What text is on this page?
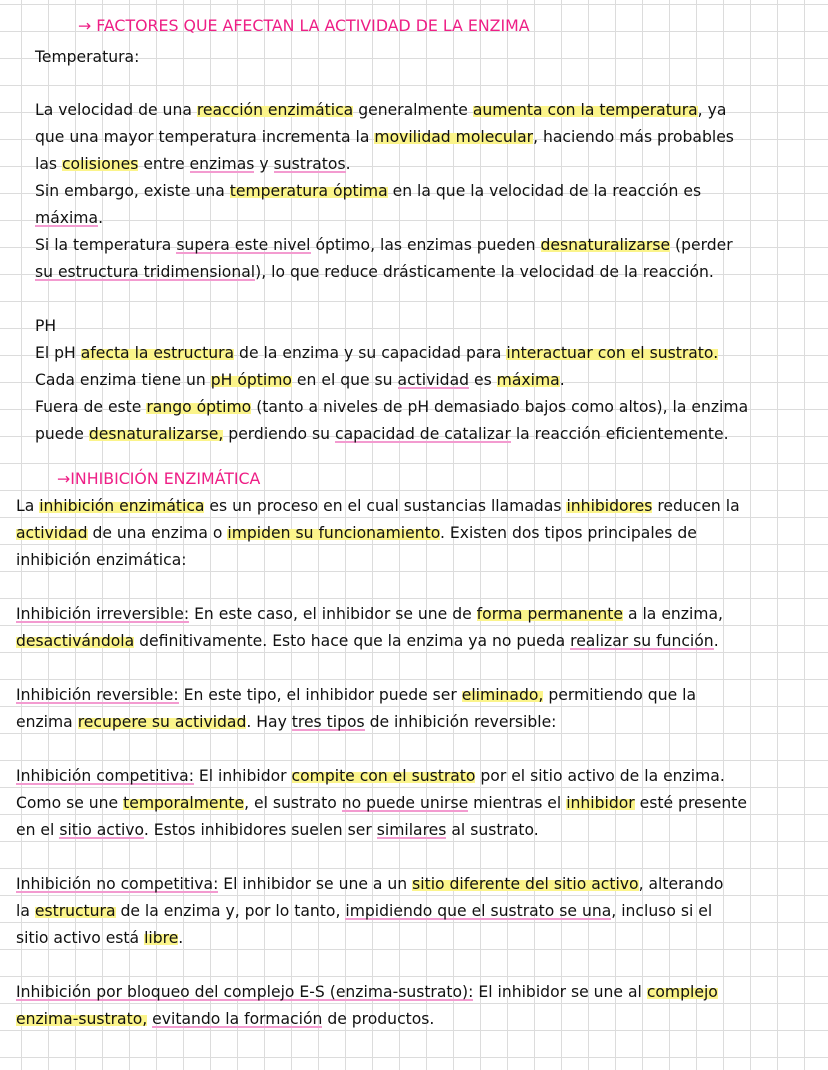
→ FACTORES QUE AFECTAN LA ACTIVIDAD DE LA ENZIMA
Temperatura:
La velocidad de una reacción enzimática generalmente aumenta con la temperatura, ya
que una mayor temperatura incrementa la movilidad molecular, haciendo más probables
las colisiones entre enzimas y sustratos.
Sin embargo, existe una temperatura óptima en la que la velocidad de la reacción es
máxima.
Si la temperatura supera este nivel óptimo, las enzimas pueden desnaturalizarse (perder
su estructura tridimensional), lo que reduce drásticamente la velocidad de la reacción.
PH
El pH afecta la estructura de la enzima y su capacidad para interactuar con el sustrato.
Cada enzima tiene un pH óptimo en el que su actividad es máxima.
Fuera de este rango óptimo (tanto a niveles de pH demasiado bajos como altos), la enzima
puede desnaturalizarse, perdiendo su capacidad de catalizar la reacción eficientemente.
→INHIBICIÓN ENZIMÁTICA
La inhibición enzimática es un proceso en el cual sustancias llamadas inhibidores reducen la
actividad de una enzima o impiden su funcionamiento. Existen dos tipos principales de
inhibición enzimática:
Inhibición irreversible: En este caso, el inhibidor se une de forma permanente a la enzima,
desactivándola definitivamente. Esto hace que la enzima ya no pueda realizar su función.
Inhibición reversible: En este tipo, el inhibidor puede ser eliminado, permitiendo que la
enzima recupere su actividad. Hay tres tipos de inhibición reversible:
Inhibición competitiva: El inhibidor compite con el sustrato por el sitio activo de la enzima.
Como se une temporalmente, el sustrato no puede unirse mientras el inhibidor esté presente
en el sitio activo. Estos inhibidores suelen ser similares al sustrato.
Inhibición no competitiva: El inhibidor se une a un sitio diferente del sitio activo, alterando
la estructura de la enzima y, por lo tanto, impidiendo que el sustrato se una, incluso si el
sitio activo está libre.
Inhibición por bloqueo del complejo E-S (enzima-sustrato): El inhibidor se une al complejo
enzima-sustrato, evitando la formación de productos.
